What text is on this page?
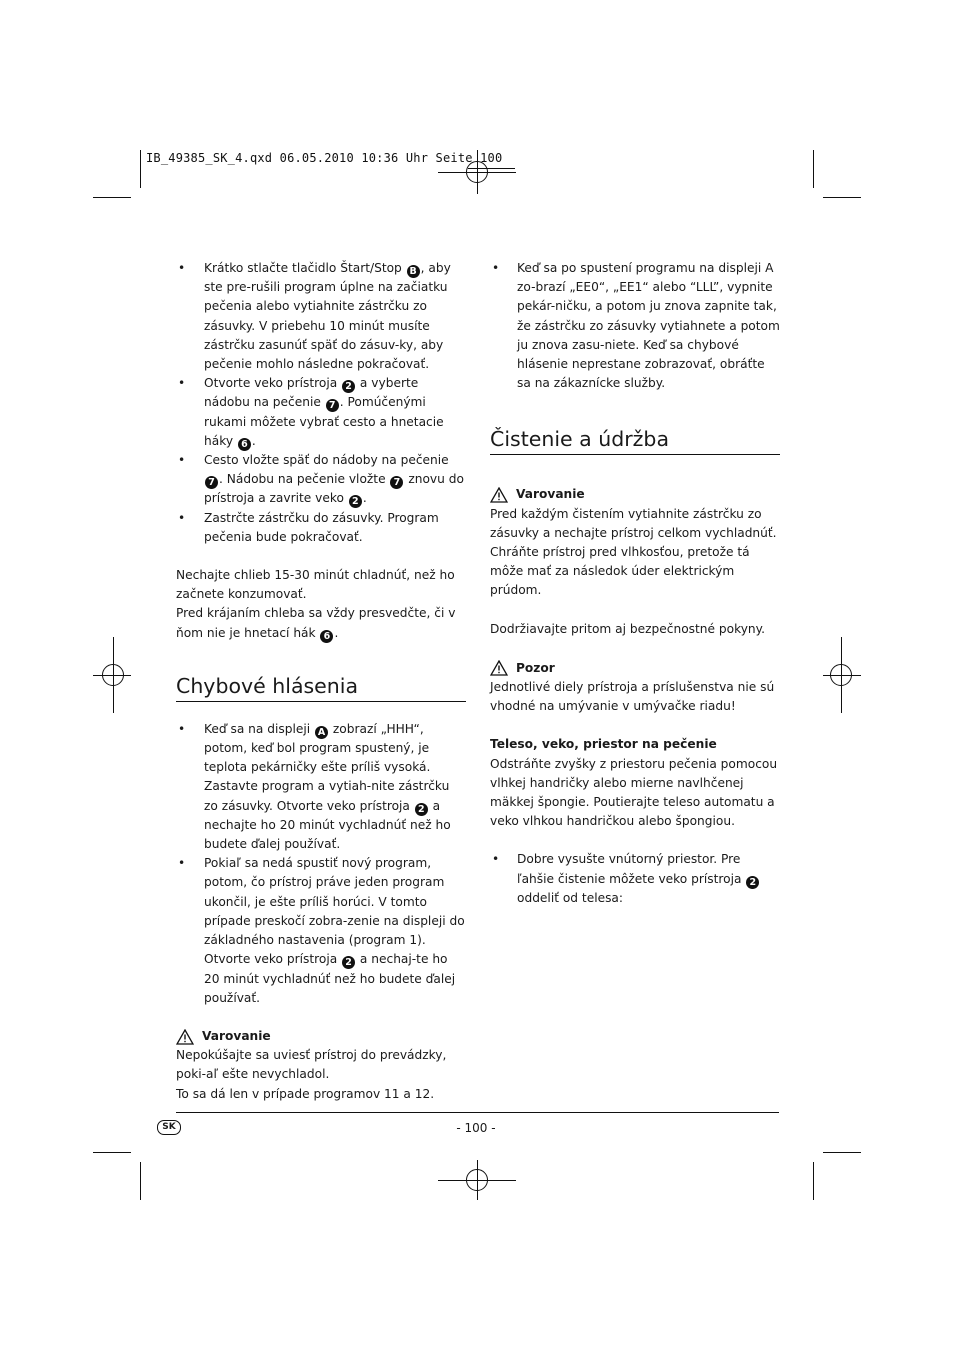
IB_49385_SK_4.qxd 06.05.2010 10:36 Uhr Seite 100
• Krátko stlačte tlačidlo Štart/Stop B , aby ste pre-rušili program úplne na začiatku pečenia alebo vytiahnite zástrčku zo zásuvky. V priebehu 10 minút musíte zástrčku zasunúť späť do zásuv-ky, aby pečenie mohlo následne pokračovať.
• Otvorte veko prístroja 2 a vyberte nádobu na pečenie 7 . Pomúčenými rukami môžete vybrať cesto a hnetacie háky 6 .
• Cesto vložte späť do nádoby na pečenie 7 . Nádobu na pečenie vložte 7 znovu do prístroja a zavrite veko 2 .
• Zastrčte zástrčku do zásuvky. Program pečenia bude pokračovať.

Nechajte chlieb 15-30 minút chladnúť, než ho začnete konzumovať.

Pred krájaním chleba sa vždy presvedčte, či v ňom nie je hnetací hák 6 .

Chybové hlásenia
• Keď sa na displeji A zobrazí „HHH“, potom, keď bol program spustený, je teplota pekárničky ešte príliš vysoká. Zastavte program a vytiah-nite zástrčku zo zásuvky. Otvorte veko prístroja 2 a nechajte ho 20 minút vychladnúť než ho budete ďalej používať.
• Pokiaľ sa nedá spustiť nový program, potom, čo prístroj práve jeden program ukončil, je ešte príliš horúci. V tomto prípade preskočí zobra-zenie na displeji do základného nastavenia (program 1). Otvorte veko prístroja 2 a nechaj-te ho 20 minút vychladnúť než ho budete ďalej používať.
Varovanie

Nepokúšajte sa uviesť prístroj do prevádzky, poki-aľ ešte nevychladol.

To sa dá len v prípade programov 11 a 12.

• Keď sa po spustení programu na displeji A zo-brazí „EE0“, „EE1“ alebo “LLL”, vypnite pekár-ničku, a potom ju znova zapnite tak, že zástrčku zo zásuvky vytiahnete a potom ju znova zasu-niete. Keď sa chybové hlásenie neprestane zobrazovať, obráťte sa na zákaznícke služby.
Čistenie a údržba
Varovanie

Pred každým čistením vytiahnite zástrčku zo zásuvky a nechajte prístroj celkom vychladnúť.

Chráňte prístroj pred vlhkosťou, pretože tá môže mať za následok úder elektrickým prúdom.

Dodržiavajte pritom aj bezpečnostné pokyny.

Pozor

Jednotlivé diely prístroja a príslušenstva nie sú vhodné na umývanie v umývačke riadu!

Teleso, veko, priestor na pečenie

Odstráňte zvyšky z priestoru pečenia pomocou vlhkej handričky alebo mierne navlhčenej mäkkej špongie. Poutierajte teleso automatu a veko vlhkou handričkou alebo špongiou.

• Dobre vysušte vnútorný priestor. Pre ľahšie čistenie môžete veko prístroja 2 oddeliť od telesa:
SK	- 100 -
